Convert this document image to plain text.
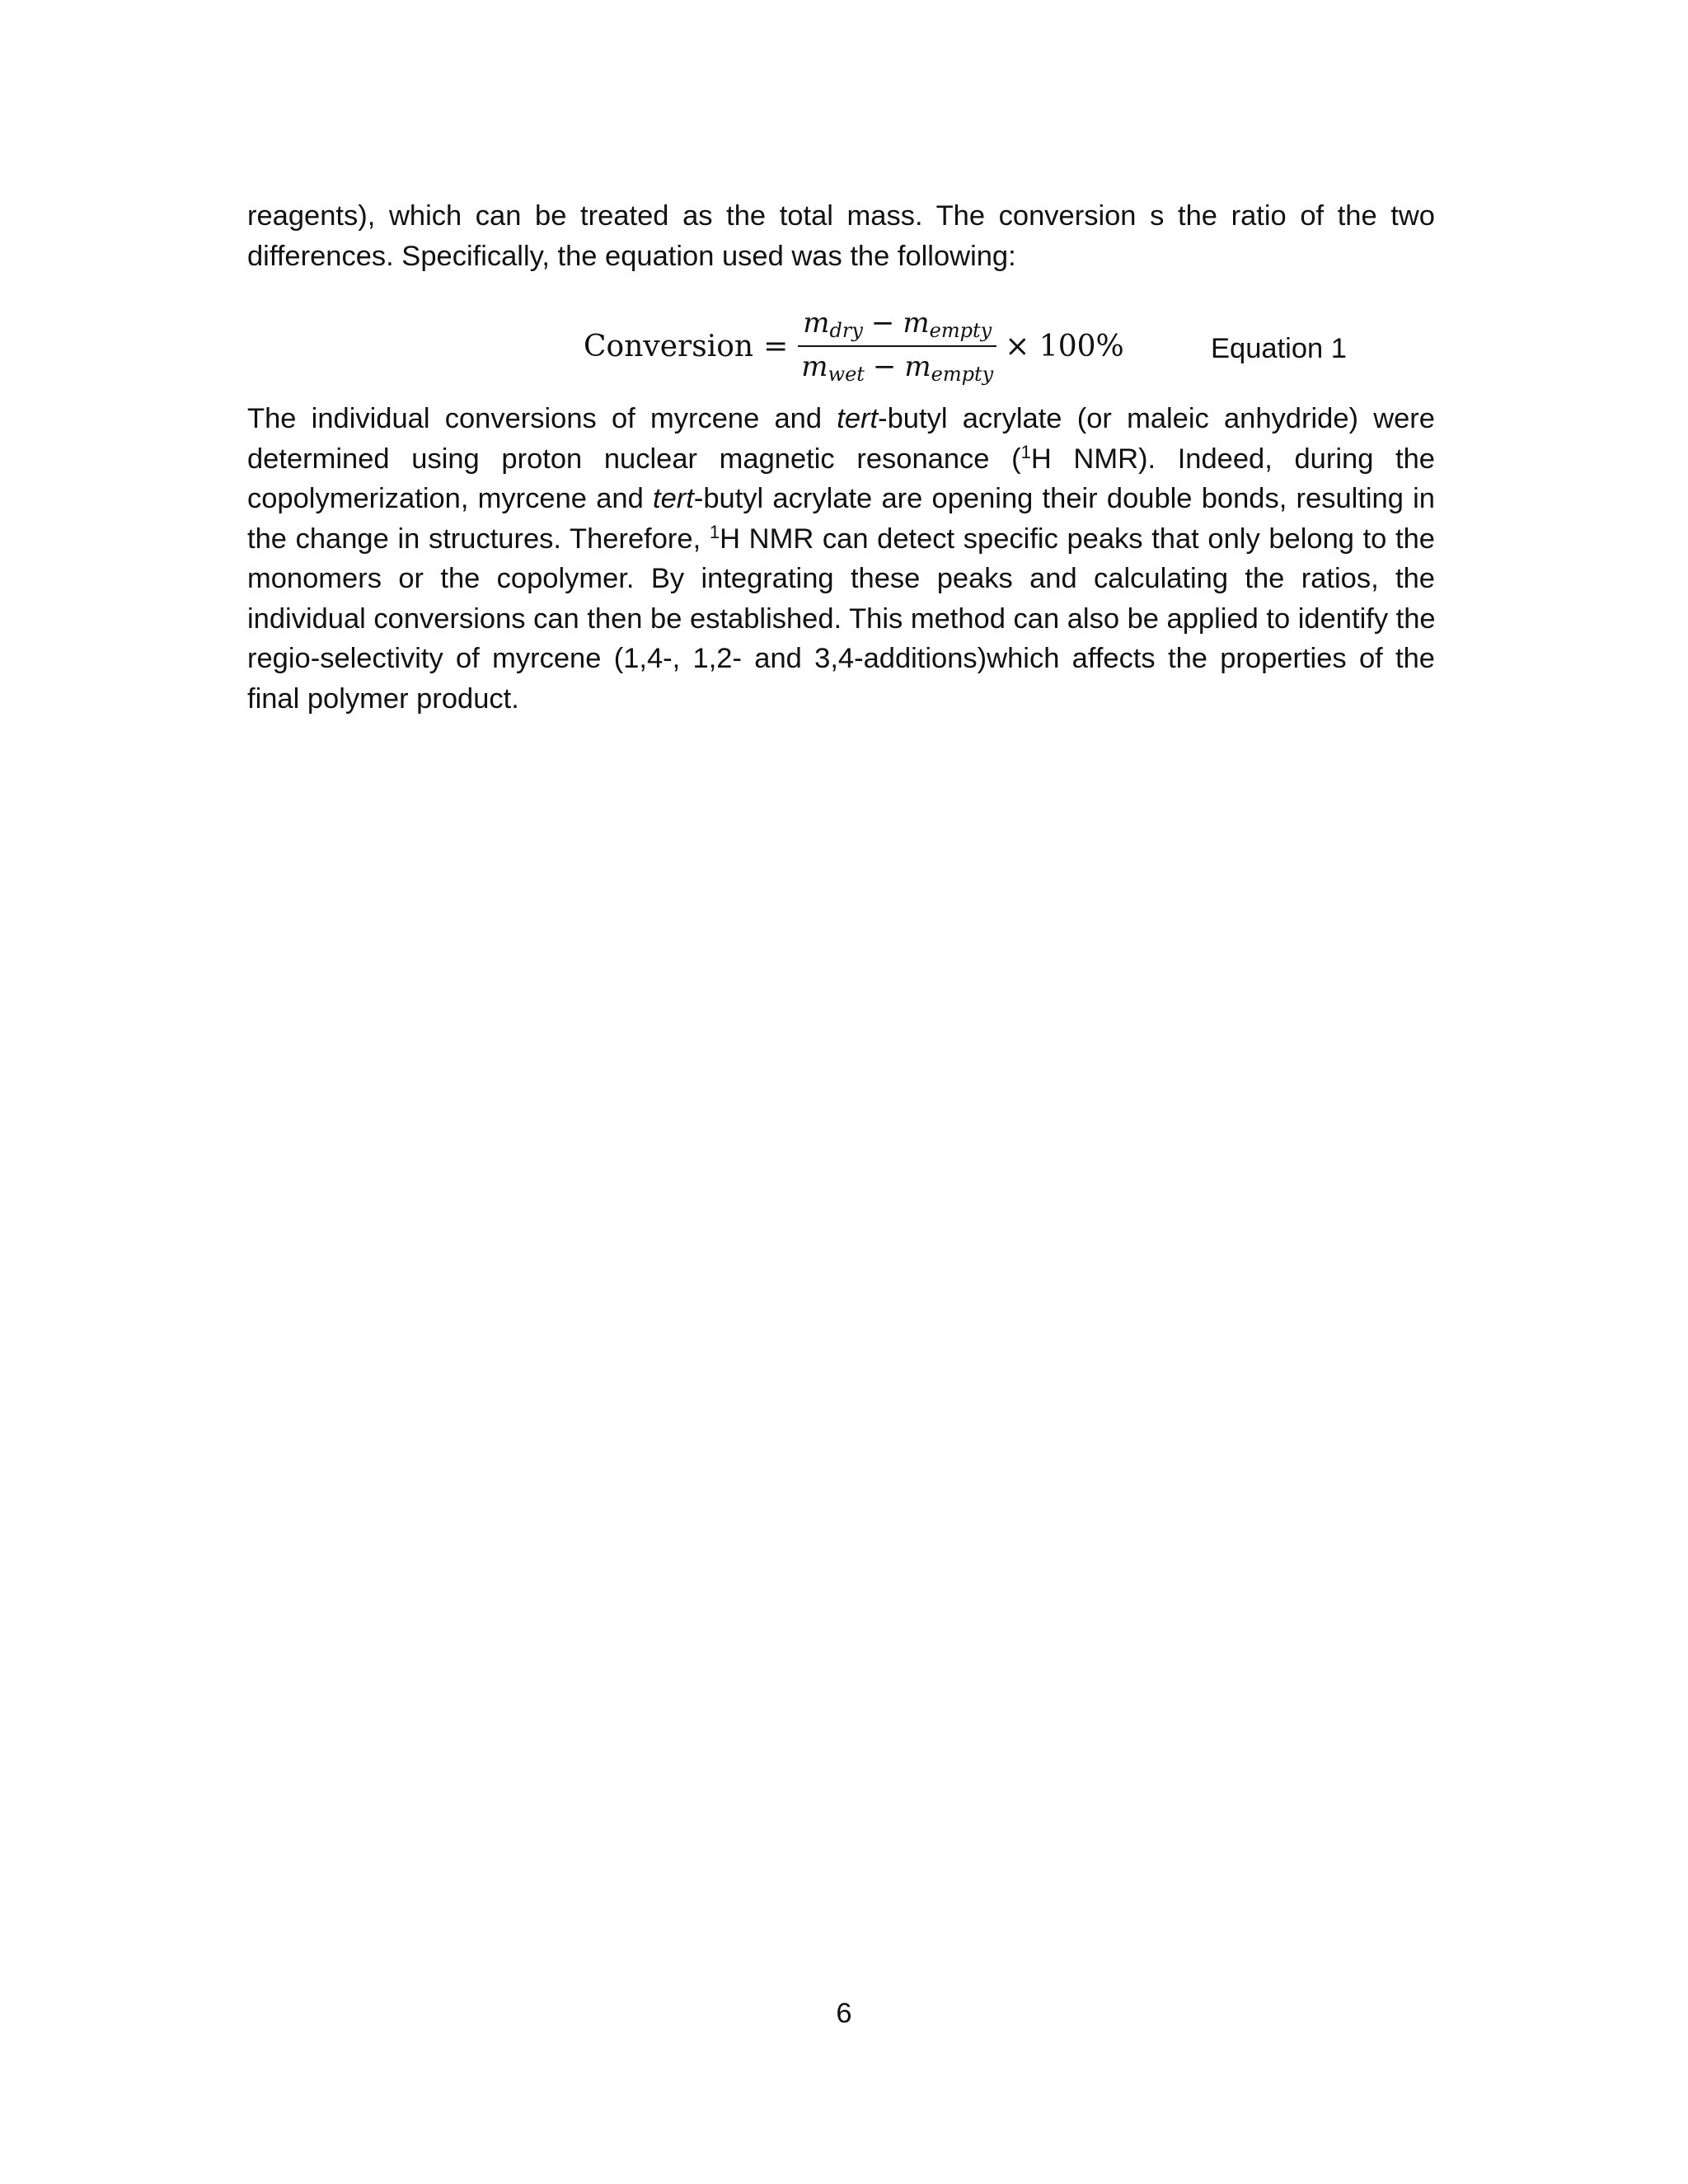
reagents), which can be treated as the total mass. The conversion s the ratio of the two
differences. Specifically, the equation used was the following:
Conversion = $\frac{m_{dry} - m_{empty}}{m_{wet} - m_{empty}} \times 100\%$	Equation 1
The individual conversions of myrcene and tert-butyl acrylate (or maleic anhydride) were
determined using proton nuclear magnetic resonance ($^1$H NMR). Indeed, during the
copolymerization, myrcene and tert-butyl acrylate are opening their double bonds, resulting in
the change in structures. Therefore, $^1$H NMR can detect specific peaks that only belong to the
monomers or the copolymer. By integrating these peaks and calculating the ratios, the
individual conversions can then be established. This method can also be applied to identify the
regio-selectivity of myrcene (1,4-, 1,2- and 3,4-additions)which affects the properties of the
final polymer product.
6
